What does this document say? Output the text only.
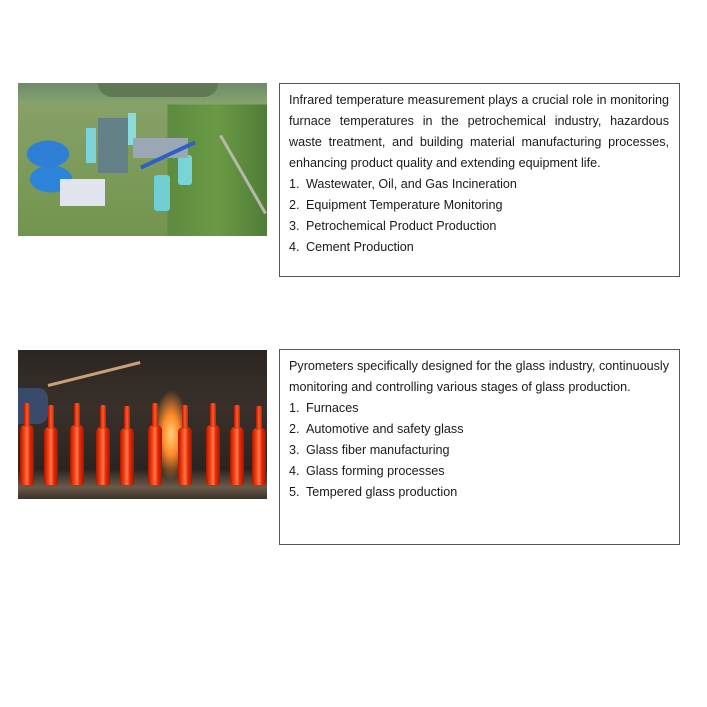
Infrared temperature measurement plays a crucial role in monitoring furnace temperatures in the petrochemical industry, hazardous waste treatment, and building material manufacturing processes, enhancing product quality and extending equipment life.

1. Wastewater, Oil, and Gas Incineration
2. Equipment Temperature Monitoring
3. Petrochemical Product Production
4. Cement Production

Pyrometers specifically designed for the glass industry, continuously monitoring and controlling various stages of glass production.

1. Furnaces
2. Automotive and safety glass
3. Glass fiber manufacturing
4. Glass forming processes
5. Tempered glass production
